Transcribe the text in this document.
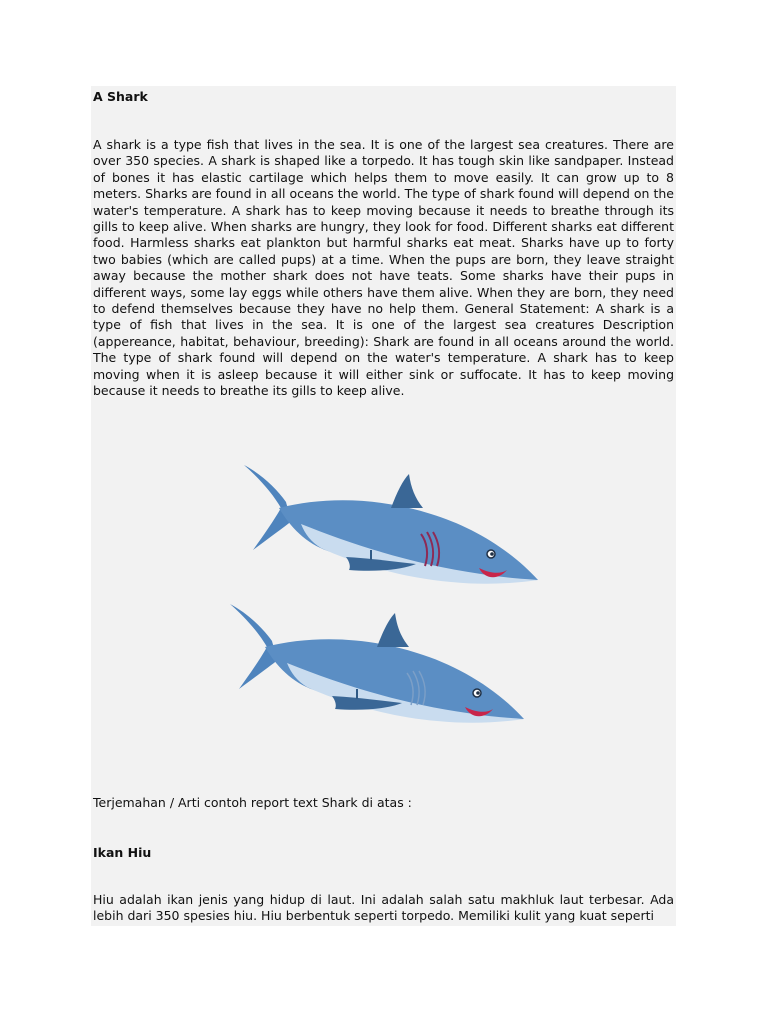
A Shark

A shark is a type fish that lives in the sea. It is one of the largest sea creatures. There are over 350 species. A shark is shaped like a torpedo. It has tough skin like sandpaper. Instead of bones it has elastic cartilage which helps them to move easily. It can grow up to 8 meters. Sharks are found in all oceans the world. The type of shark found will depend on the water's temperature. A shark has to keep moving because it needs to breathe through its gills to keep alive. When sharks are hungry, they look for food. Different sharks eat different food. Harmless sharks eat plankton but harmful sharks eat meat. Sharks have up to forty two babies (which are called pups) at a time. When the pups are born, they leave straight away because the mother shark does not have teats. Some sharks have their pups in different ways, some lay eggs while others have them alive. When they are born, they need to defend themselves because they have no help them. General Statement: A shark is a type of fish that lives in the sea. It is one of the largest sea creatures Description (appereance, habitat, behaviour, breeding): Shark are found in all oceans around the world. The type of shark found will depend on the water's temperature. A shark has to keep moving when it is asleep because it will either sink or suffocate. It has to keep moving because it needs to breathe its gills to keep alive.

Terjemahan / Arti contoh report text Shark di atas :

Ikan Hiu

Hiu adalah ikan jenis yang hidup di laut. Ini adalah salah satu makhluk laut terbesar. Ada lebih dari 350 spesies hiu. Hiu berbentuk seperti torpedo. Memiliki kulit yang kuat seperti
